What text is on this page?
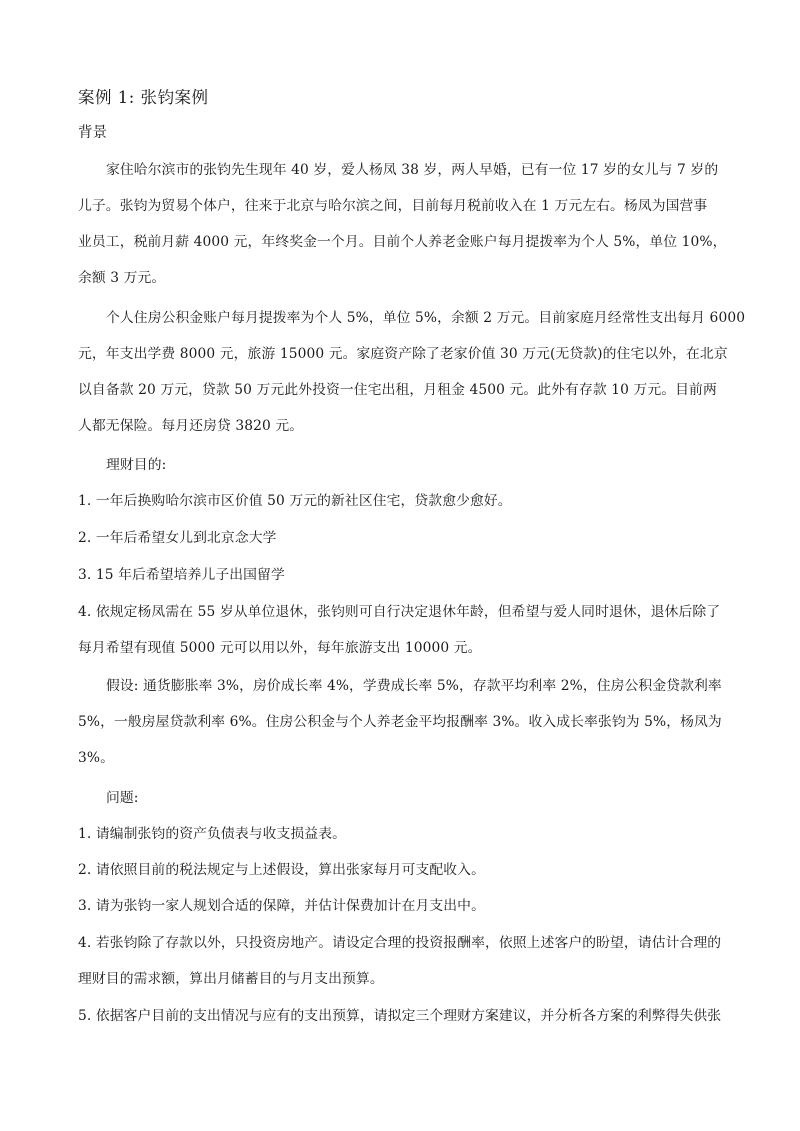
案例 1: 张钧案例
背景
家住哈尔滨市的张钧先生现年 40 岁，爱人杨凤 38 岁，两人早婚，已有一位 17 岁的女儿与 7 岁的
儿子。张钧为贸易个体户，往来于北京与哈尔滨之间，目前每月税前收入在 1 万元左右。杨凤为国营事
业员工，税前月薪 4000 元，年终奖金一个月。目前个人养老金账户每月提拨率为个人 5%，单位 10%，
余额 3 万元。
个人住房公积金账户每月提拨率为个人 5%，单位 5%，余额 2 万元。目前家庭月经常性支出每月 6000
元，年支出学费 8000 元，旅游 15000 元。家庭资产除了老家价值 30 万元(无贷款)的住宅以外，在北京
以自备款 20 万元，贷款 50 万元此外投资一住宅出租，月租金 4500 元。此外有存款 10 万元。目前两
人都无保险。每月还房贷 3820 元。
理财目的:
1. 一年后换购哈尔滨市区价值 50 万元的新社区住宅，贷款愈少愈好。
2. 一年后希望女儿到北京念大学
3. 15 年后希望培养儿子出国留学
4. 依规定杨凤需在 55 岁从单位退休，张钧则可自行决定退休年龄，但希望与爱人同时退休，退休后除了
每月希望有现值 5000 元可以用以外，每年旅游支出 10000 元。
假设: 通货膨胀率 3%，房价成长率 4%，学费成长率 5%，存款平均利率 2%，住房公积金贷款利率
5%，一般房屋贷款利率 6%。住房公积金与个人养老金平均报酬率 3%。收入成长率张钧为 5%，杨凤为
3%。
问题:
1. 请编制张钧的资产负债表与收支损益表。
2. 请依照目前的税法规定与上述假设，算出张家每月可支配收入。
3. 请为张钧一家人规划合适的保障，并估计保费加计在月支出中。
4. 若张钧除了存款以外，只投资房地产。请设定合理的投资报酬率，依照上述客户的盼望，请估计合理的
理财目的需求额，算出月储蓄目的与月支出预算。
5. 依据客户目前的支出情况与应有的支出预算，请拟定三个理财方案建议，并分析各方案的利弊得失供张
